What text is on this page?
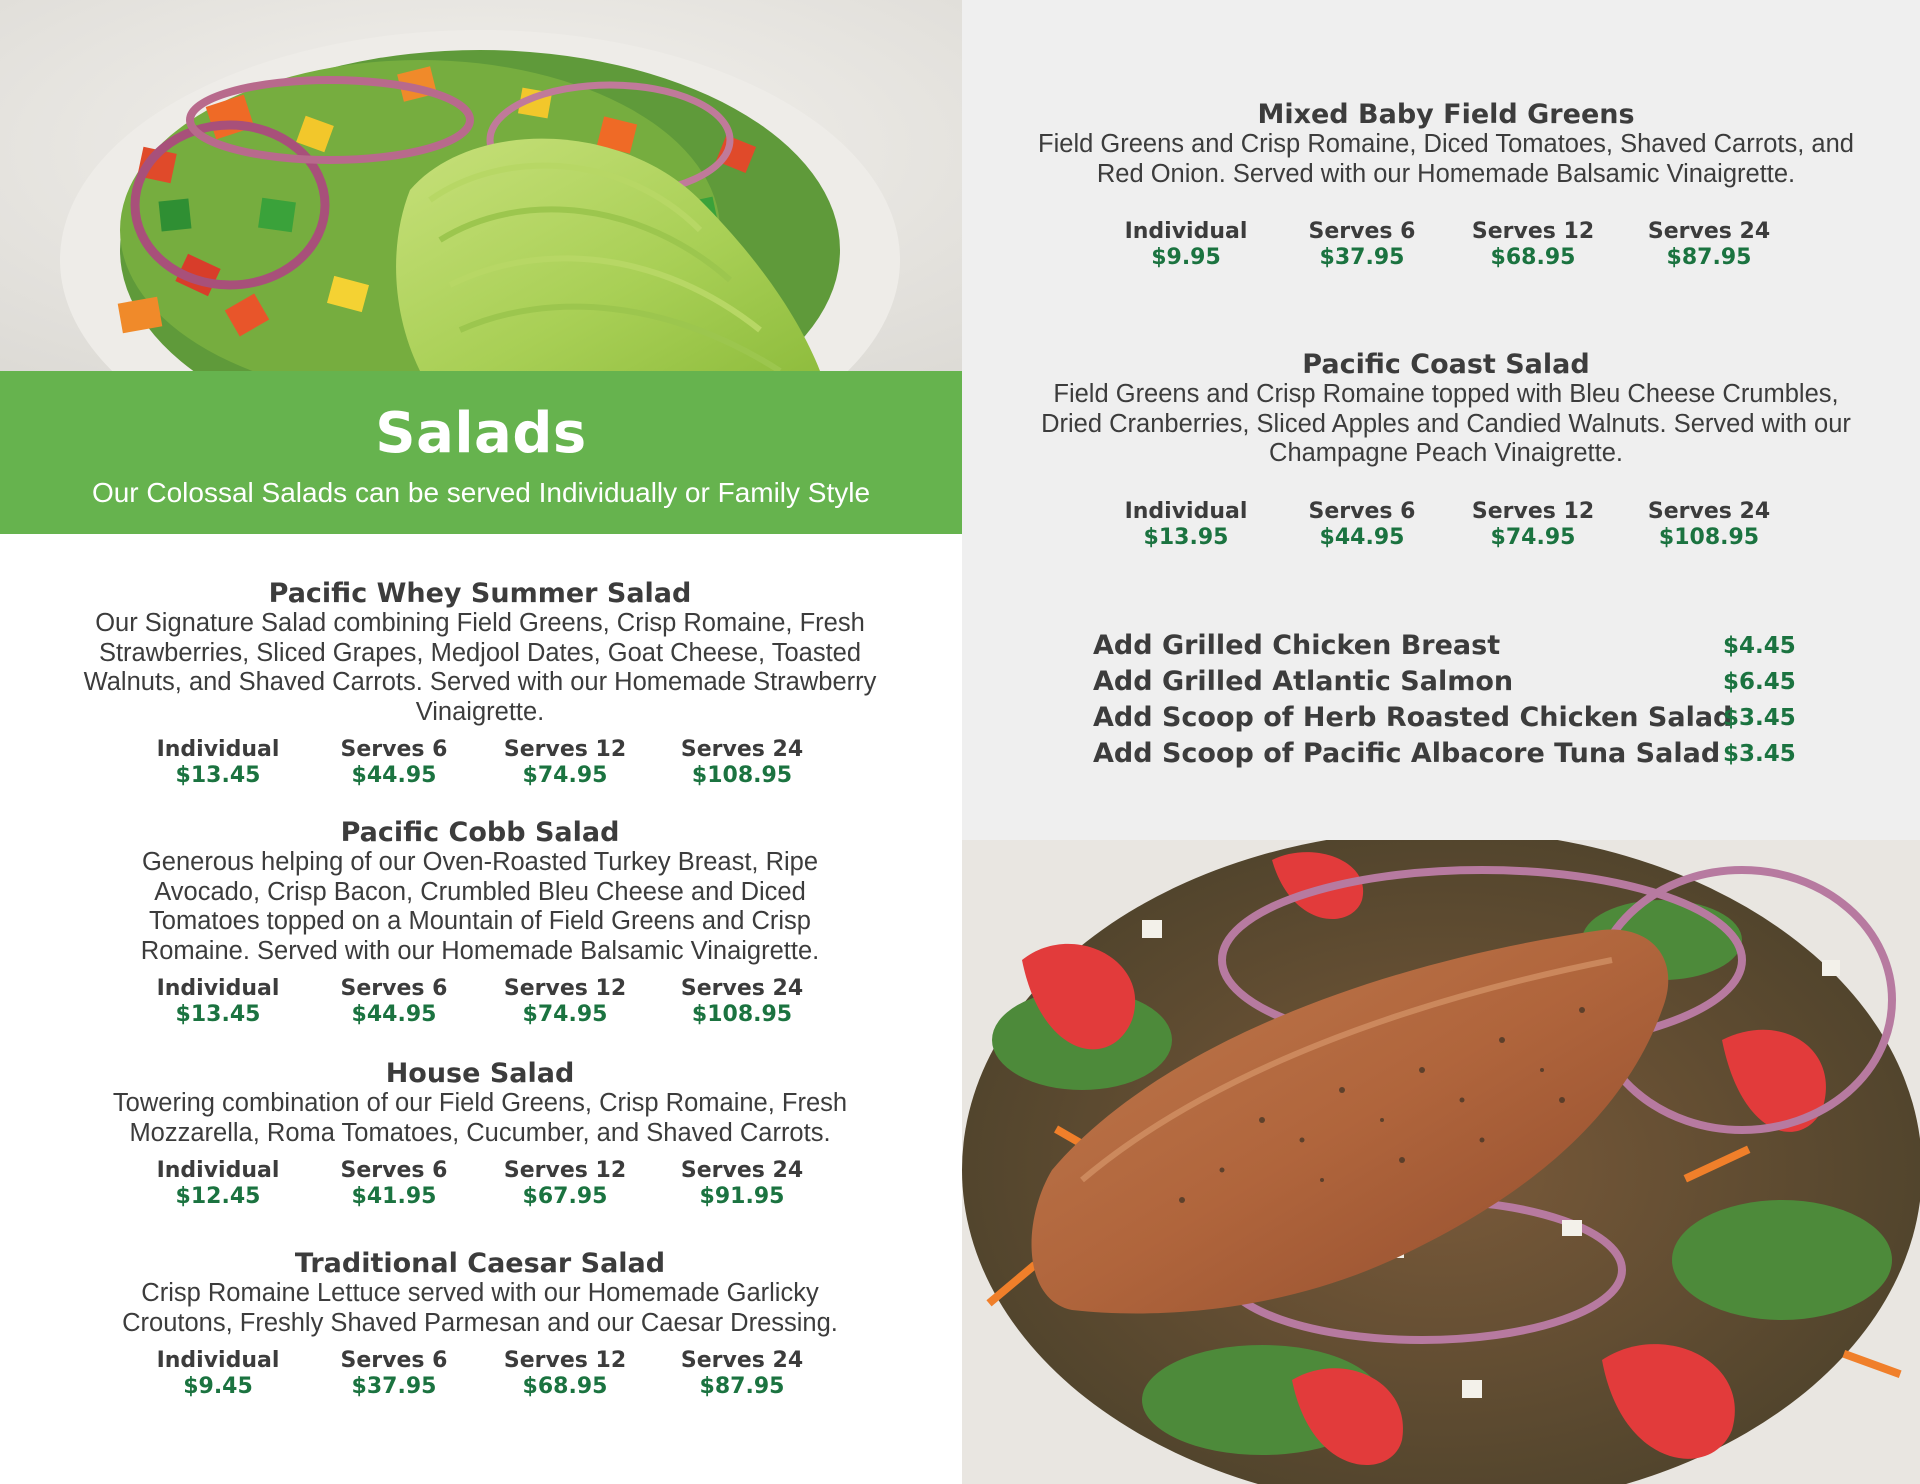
Salads
Our Colossal Salads can be served Individually or Family Style
Pacific Whey Summer Salad
Our Signature Salad combining Field Greens, Crisp Romaine, Fresh Strawberries, Sliced Grapes, Medjool Dates, Goat Cheese, Toasted Walnuts, and Shaved Carrots. Served with our Homemade Strawberry Vinaigrette.
Individual
$13.45
Serves 6
$44.95
Serves 12
$74.95
Serves 24
$108.95
Pacific Cobb Salad
Generous helping of our Oven-Roasted Turkey Breast, Ripe Avocado, Crisp Bacon, Crumbled Bleu Cheese and Diced Tomatoes topped on a Mountain of Field Greens and Crisp Romaine. Served with our Homemade Balsamic Vinaigrette.
Individual
$13.45
Serves 6
$44.95
Serves 12
$74.95
Serves 24
$108.95
House Salad
Towering combination of our Field Greens, Crisp Romaine, Fresh Mozzarella, Roma Tomatoes, Cucumber, and Shaved Carrots.
Individual
$12.45
Serves 6
$41.95
Serves 12
$67.95
Serves 24
$91.95
Traditional Caesar Salad
Crisp Romaine Lettuce served with our Homemade Garlicky Croutons, Freshly Shaved Parmesan and our Caesar Dressing.
Individual
$9.45
Serves 6
$37.95
Serves 12
$68.95
Serves 24
$87.95
Mixed Baby Field Greens
Field Greens and Crisp Romaine, Diced Tomatoes, Shaved Carrots, and Red Onion. Served with our Homemade Balsamic Vinaigrette.
Individual
$9.95
Serves 6
$37.95
Serves 12
$68.95
Serves 24
$87.95
Pacific Coast Salad
Field Greens and Crisp Romaine topped with Bleu Cheese Crumbles, Dried Cranberries, Sliced Apples and Candied Walnuts. Served with our Champagne Peach Vinaigrette.
Individual
$13.95
Serves 6
$44.95
Serves 12
$74.95
Serves 24
$108.95
Add Grilled Chicken Breast	$4.45
Add Grilled Atlantic Salmon	$6.45
Add Scoop of Herb Roasted Chicken Salad
$3.45
Add Scoop of Pacific Albacore Tuna Salad $3.45
